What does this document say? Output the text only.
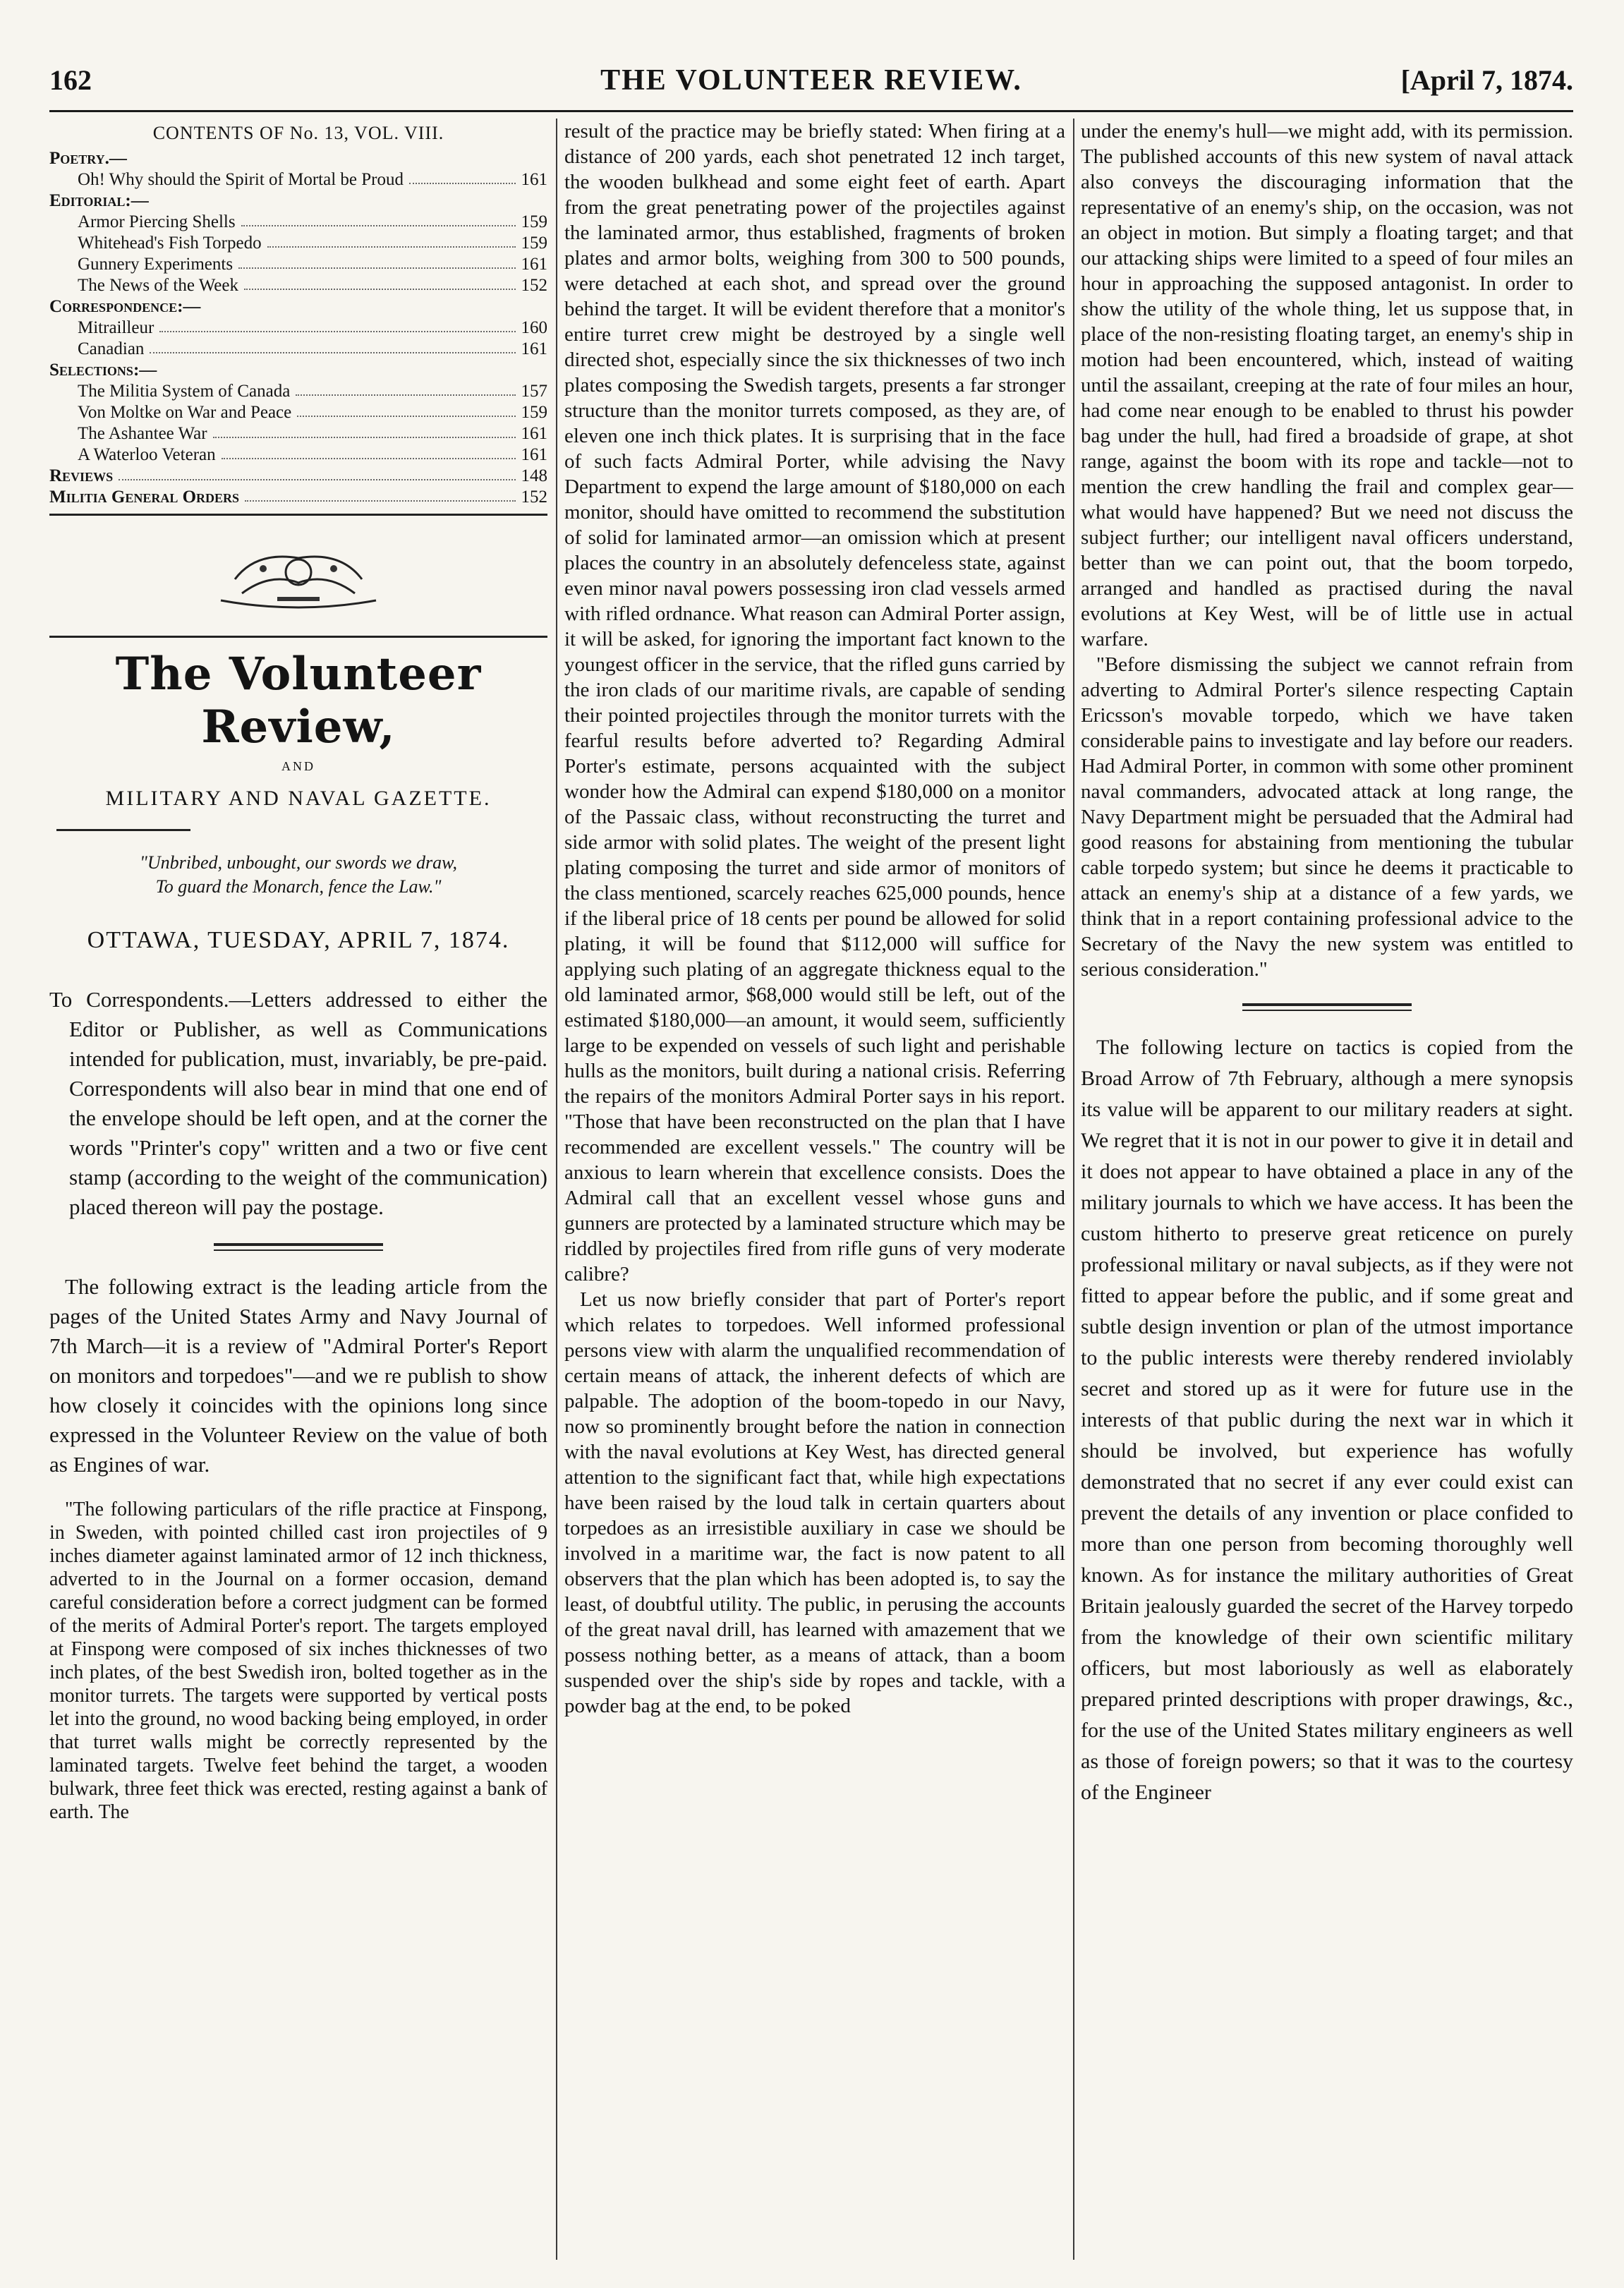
162	THE VOLUNTEER REVIEW.	[April 7, 1874.
CONTENTS OF No. 13, VOL. VIII.
Poetry.—
Oh! Why should the Spirit of Mortal be Proud	161
Editorial:—
Armor Piercing Shells	159
Whitehead's Fish Torpedo	159
Gunnery Experiments	161
The News of the Week	152
Correspondence:—
Mitrailleur	160
Canadian	161
Selections:—
The Militia System of Canada	157
Von Moltke on War and Peace	159
The Ashantee War	161
A Waterloo Veteran	161
Reviews	148
Militia General Orders	152
The Volunteer Review,
AND
MILITARY AND NAVAL GAZETTE.
"Unbribed, unbought, our swords we draw,
To guard the Monarch, fence the Law."
OTTAWA, TUESDAY, APRIL 7, 1874.

To Correspondents.—Letters addressed to either the Editor or Publisher, as well as Communications intended for publication, must, invariably, be pre-paid. Correspondents will also bear in mind that one end of the envelope should be left open, and at the corner the words "Printer's copy" written and a two or five cent stamp (according to the weight of the communication) placed thereon will pay the postage.

The following extract is the leading article from the pages of the United States Army and Navy Journal of 7th March—it is a review of "Admiral Porter's Report on monitors and torpedoes"—and we re publish to show how closely it coincides with the opinions long since expressed in the Volunteer Review on the value of both as Engines of war.

"The following particulars of the rifle practice at Finspong, in Sweden, with pointed chilled cast iron projectiles of 9 inches diameter against laminated armor of 12 inch thickness, adverted to in the Journal on a former occasion, demand careful consideration before a correct judgment can be formed of the merits of Admiral Porter's report. The targets employed at Finspong were composed of six inches thicknesses of two inch plates, of the best Swedish iron, bolted together as in the monitor turrets. The targets were supported by vertical posts let into the ground, no wood backing being employed, in order that turret walls might be correctly represented by the laminated targets. Twelve feet behind the target, a wooden bulwark, three feet thick was erected, resting against a bank of earth. The

result of the practice may be briefly stated: When firing at a distance of 200 yards, each shot penetrated 12 inch target, the wooden bulkhead and some eight feet of earth. Apart from the great penetrating power of the projectiles against the laminated armor, thus established, fragments of broken plates and armor bolts, weighing from 300 to 500 pounds, were detached at each shot, and spread over the ground behind the target. It will be evident therefore that a monitor's entire turret crew might be destroyed by a single well directed shot, especially since the six thicknesses of two inch plates composing the Swedish targets, presents a far stronger structure than the monitor turrets composed, as they are, of eleven one inch thick plates. It is surprising that in the face of such facts Admiral Porter, while advising the Navy Department to expend the large amount of $180,000 on each monitor, should have omitted to recommend the substitution of solid for laminated armor—an omission which at present places the country in an absolutely defenceless state, against even minor naval powers possessing iron clad vessels armed with rifled ordnance. What reason can Admiral Porter assign, it will be asked, for ignoring the important fact known to the youngest officer in the service, that the rifled guns carried by the iron clads of our maritime rivals, are capable of sending their pointed projectiles through the monitor turrets with the fearful results before adverted to? Regarding Admiral Porter's estimate, persons acquainted with the subject wonder how the Admiral can expend $180,000 on a monitor of the Passaic class, without reconstructing the turret and side armor with solid plates. The weight of the present light plating composing the turret and side armor of monitors of the class mentioned, scarcely reaches 625,000 pounds, hence if the liberal price of 18 cents per pound be allowed for solid plating, it will be found that $112,000 will suffice for applying such plating of an aggregate thickness equal to the old laminated armor, $68,000 would still be left, out of the estimated $180,000—an amount, it would seem, sufficiently large to be expended on vessels of such light and perishable hulls as the monitors, built during a national crisis. Referring the repairs of the monitors Admiral Porter says in his report. "Those that have been reconstructed on the plan that I have recommended are excellent vessels." The country will be anxious to learn wherein that excellence consists. Does the Admiral call that an excellent vessel whose guns and gunners are protected by a laminated structure which may be riddled by projectiles fired from rifle guns of very moderate calibre?

Let us now briefly consider that part of Porter's report which relates to torpedoes. Well informed professional persons view with alarm the unqualified recommendation of certain means of attack, the inherent defects of which are palpable. The adoption of the boom-topedo in our Navy, now so prominently brought before the nation in connection with the naval evolutions at Key West, has directed general attention to the significant fact that, while high expectations have been raised by the loud talk in certain quarters about torpedoes as an irresistible auxiliary in case we should be involved in a maritime war, the fact is now patent to all observers that the plan which has been adopted is, to say the least, of doubtful utility. The public, in perusing the accounts of the great naval drill, has learned with amazement that we possess nothing better, as a means of attack, than a boom suspended over the ship's side by ropes and tackle, with a powder bag at the end, to be poked

under the enemy's hull—we might add, with its permission. The published accounts of this new system of naval attack also conveys the discouraging information that the representative of an enemy's ship, on the occasion, was not an object in motion. But simply a floating target; and that our attacking ships were limited to a speed of four miles an hour in approaching the supposed antagonist. In order to show the utility of the whole thing, let us suppose that, in place of the non-resisting floating target, an enemy's ship in motion had been encountered, which, instead of waiting until the assailant, creeping at the rate of four miles an hour, had come near enough to be enabled to thrust his powder bag under the hull, had fired a broadside of grape, at shot range, against the boom with its rope and tackle—not to mention the crew handling the frail and complex gear—what would have happened? But we need not discuss the subject further; our intelligent naval officers understand, better than we can point out, that the boom torpedo, arranged and handled as practised during the naval evolutions at Key West, will be of little use in actual warfare.

"Before dismissing the subject we cannot refrain from adverting to Admiral Porter's silence respecting Captain Ericsson's movable torpedo, which we have taken considerable pains to investigate and lay before our readers. Had Admiral Porter, in common with some other prominent naval commanders, advocated attack at long range, the Navy Department might be persuaded that the Admiral had good reasons for abstaining from mentioning the tubular cable torpedo system; but since he deems it practicable to attack an enemy's ship at a distance of a few yards, we think that in a report containing professional advice to the Secretary of the Navy the new system was entitled to serious consideration."

The following lecture on tactics is copied from the Broad Arrow of 7th February, although a mere synopsis its value will be apparent to our military readers at sight. We regret that it is not in our power to give it in detail and it does not appear to have obtained a place in any of the military journals to which we have access. It has been the custom hitherto to preserve great reticence on purely professional military or naval subjects, as if they were not fitted to appear before the public, and if some great and subtle design invention or plan of the utmost importance to the public interests were thereby rendered inviolably secret and stored up as it were for future use in the interests of that public during the next war in which it should be involved, but experience has wofully demonstrated that no secret if any ever could exist can prevent the details of any invention or place confided to more than one person from becoming thoroughly well known. As for instance the military authorities of Great Britain jealously guarded the secret of the Harvey torpedo from the knowledge of their own scientific military officers, but most laboriously as well as elaborately prepared printed descriptions with proper drawings, &c., for the use of the United States military engineers as well as those of foreign powers; so that it was to the courtesy of the Engineer
